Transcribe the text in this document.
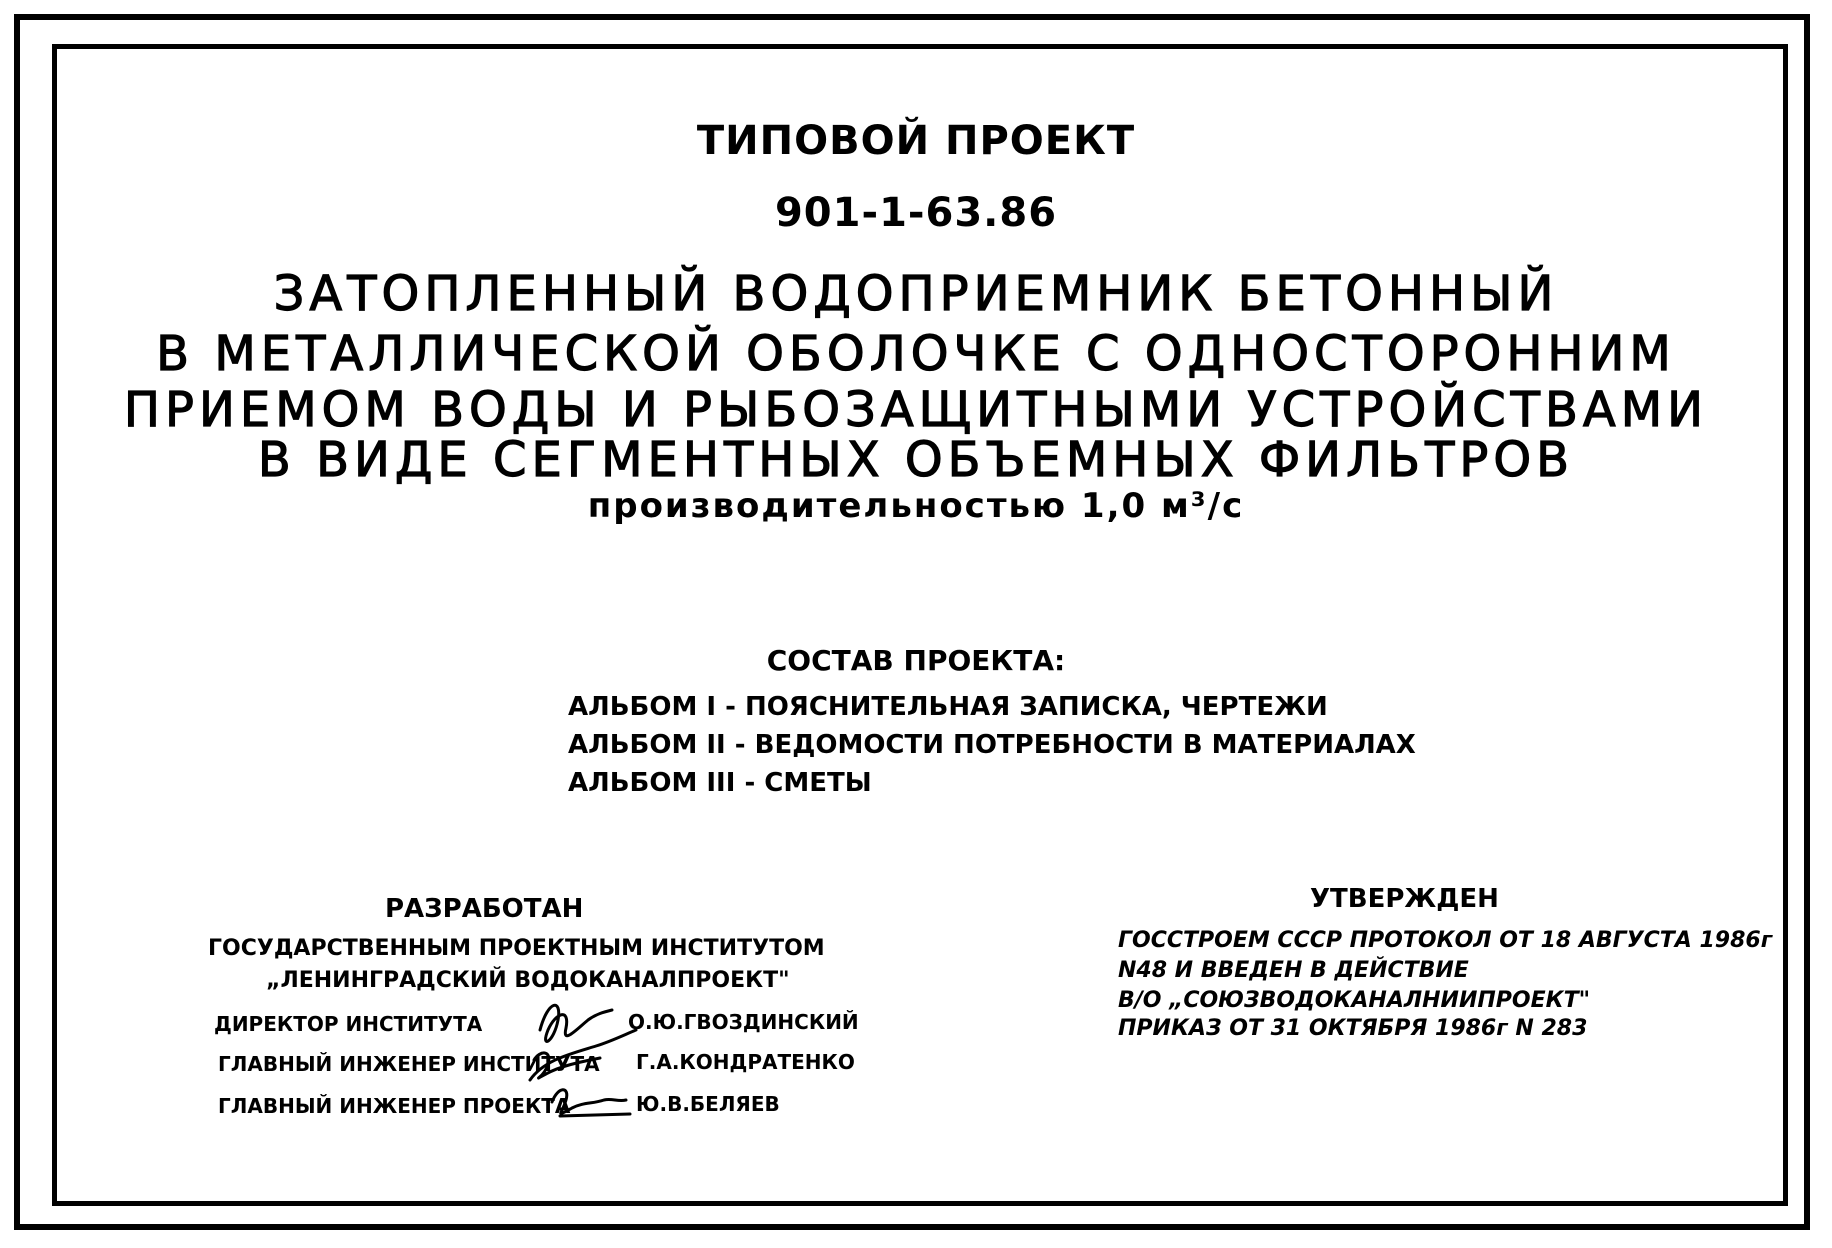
ТИПОВОЙ ПРОЕКТ
901-1-63.86
ЗАТОПЛЕННЫЙ ВОДОПРИЕМНИК БЕТОННЫЙ
В МЕТАЛЛИЧЕСКОЙ ОБОЛОЧКЕ С ОДНОСТОРОННИМ
ПРИЕМОМ ВОДЫ И РЫБОЗАЩИТНЫМИ УСТРОЙСТВАМИ
В ВИДЕ СЕГМЕНТНЫХ ОБЪЕМНЫХ ФИЛЬТРОВ
производительностью 1,0 м³/с
СОСТАВ ПРОЕКТА:
АЛЬБОМ I - ПОЯСНИТЕЛЬНАЯ ЗАПИСКА, ЧЕРТЕЖИ
АЛЬБОМ II - ВЕДОМОСТИ ПОТРЕБНОСТИ В МАТЕРИАЛАХ
АЛЬБОМ III - СМЕТЫ
РАЗРАБОТАН
ГОСУДАРСТВЕННЫМ ПРОЕКТНЫМ ИНСТИТУТОМ
„ЛЕНИНГРАДСКИЙ ВОДОКАНАЛПРОЕКТ"
ДИРЕКТОР ИНСТИТУТА
ГЛАВНЫЙ ИНЖЕНЕР ИНСТИТУТА
ГЛАВНЫЙ ИНЖЕНЕР ПРОЕКТА
О.Ю.ГВОЗДИНСКИЙ
Г.А.КОНДРАТЕНКО
Ю.В.БЕЛЯЕВ
УТВЕРЖДЕН
ГОССТРОЕМ СССР ПРОТОКОЛ ОТ 18 АВГУСТА 1986г
N48 И ВВЕДЕН В ДЕЙСТВИЕ
В/О „СОЮЗВОДОКАНАЛНИИПРОЕКТ"
ПРИКАЗ ОТ 31 ОКТЯБРЯ 1986г N 283
